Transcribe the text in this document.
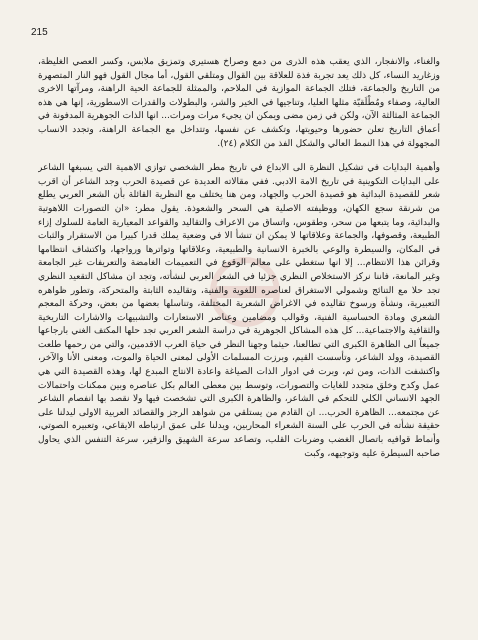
215

والغناء، والانفجار، الذي يعقب هذه الذرى من دمع وصراخ هستيري وتمزيق ملابس، وكسر العصي الغليظة، وزغاريد النساء، كل ذلك يعد تجربة فذة للعلاقة بين القوال ومتلقي القول، أما مجال القول فهو النار المتصهرة من التاريخ والجماعة، فتلك الجماعة الموازية في الملاحم، والممثلة للجماعة الحية الراهنة، ومرآتها الاخرى العالية، وصفاء ومُطْلَقيّة مثلها العليا، وتناجيها في الخير والشر، والبطولات والقدرات الاسطورية، إنها هي هذه الجماعة المثالثة الآن، ولكن في زمن مضى ويمكن ان يجيء مرات ومرات... انها الذات الجوهرية المدفونة في أعماق التاريخ تعلن حضورها وحيويتها، وتكشف عن نفسها، وتتداخل مع الجماعة الراهنة، وتجدد الانساب المجهولة في هذا النمط العالي والشكل الفذ من الكلام (٢٤).

وأهمية البدايات في تشكيل النظرة الى الابداع في تاريخ مطر الشخصي توازي الاهمية التي يسبغها الشاعر على البدايات التكوينية في تاريخ الامة الادبي. ففي مقالاته العديدة عن قصيدة الحرب وجد الشاعر أن اقرب شعر للقصيدة البدائية هو قصيدة الحرب والجهاد، ومن هنا يختلف مع النظرية القائلة بأن الشعر العربي يطلع من شرنقة سجع الكهان، ووظيفته الاصلية هي السحر والشعوذة. يقول مطر: «ان التصورات اللاهوتية والبدائية، وما يتبعها من سحر، وطقوس، واتساق من الاعراف والتقاليد والقواعد المعيارية العامة للسلوك إزاء الطبيعة، وقصوفها، والجماعة وعلاقاتها لا يمكن ان تنشأ الا في وضعية يملك قدرا كبيرا من الاستقرار والثبات في المكان، والسيطرة والوعي بالخبرة الانسانية والطبيعية، وعلاقاتها وتواترها ورواجها، واكتشاف انتظامها وقرائن هذا الانتظام... إلا انها ستغطي على معالم الوقوع في التعميمات الغامضة والتعريفات غير الجامعة وغير المانعة، فاننا نركز الاستخلاص النظري جزئيا في الشعر العربي لنشأته، وتجد ان مشاكل التقعيد النظري تجد حلا مع التنائج وشمولي الاستغراق لعناصره اللغوية والفنية، وتقاليده الثابتة والمتحركة، وتطور ظواهره التعبيرية، ونشأة ورسوخ تقاليده في الاغراض الشعرية المختلفة، وتناسلها بعضها من بعض، وحركة المعجم الشعري ومادة الحساسية الفنية، وقوالب ومضامين وعناصر الاستعارات والتشبيهات والاشارات التاريخية والثقافية والاجتماعية... كل هذه المشاكل الجوهرية في دراسة الشعر العربي تجد حلها المكتف الغني بارجاعها جميعاً الى الظاهرة الكبرى التي تطالعنا، حيثما وجهنا النظر في حياة العرب الاقدمين، والتي من رحمها طلعت القصيدة، وولد الشاعر، وتأسست القيم، وبرزت المسلمات الأولى لمعنى الحياة والموت، ومعنى الأنا والآخر، واكتشفت الذات، ومن ثم، وبرت في ادوار الذات الصياغة واعادة الانتاج المبدع لها، وهذه القصيدة التي هي عمل وكدح وخلق متجدد للغايات والتصورات، وتوسط بين معطى العالم بكل عناصره وبين ممكنات واحتمالات الجهد الانساني الكلي للتحكم في الشاعر، والظاهرة الكبرى التي تشخصت فيها ولا نقصد بها انفصام الشاعر عن مجتمعه... الظاهرة الحرب... ان القادم من يستلقي من شواهد الرجز والقصائد العربية الاولى ليدلنا على حقيقة نشأته في الحرب على السنة الشعراء المحاربين، ويدلنا على عمق ارتباطه الايقاعي، وتعبيره الصوتي، وأنماط قوافيه باتصال الغضب وضربات القلب، وتصاعد سرعة الشهيق والزفير، سرعة التنفس الذي يحاول صاحبه السيطرة عليه وتوجيهه، وكبت
